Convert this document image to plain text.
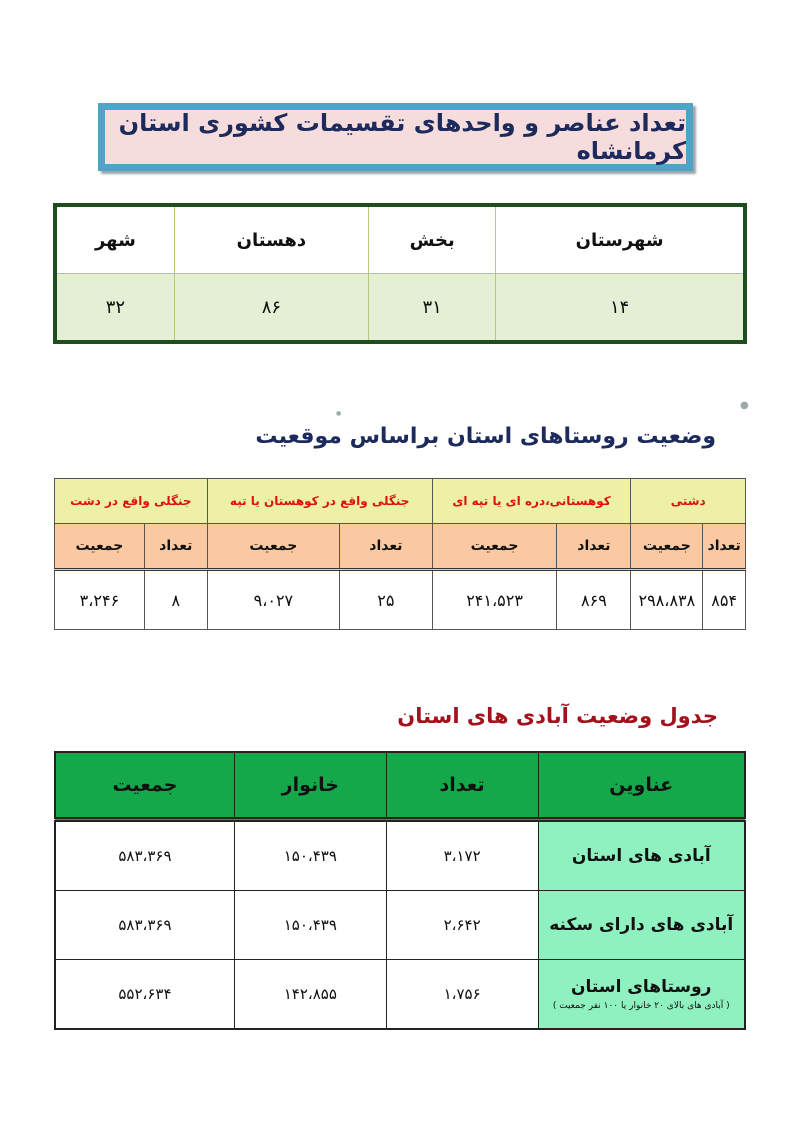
تعداد عناصر و واحدهای تقسیمات کشوری استان کرمانشاه
شهرستان	بخش	دهستان	شهر
۱۴	۳۱	۸۶	۳۲
●
●
وضعیت روستاهای استان براساس موقعیت
دشتی		کوهستانی،دره ای یا تپه ای		جنگلی واقع در کوهستان یا تپه		جنگلی واقع در دشت	
تعداد	جمعیت	تعداد	جمعیت	تعداد	جمعیت	تعداد	جمعیت
۸۵۴	۲۹۸،۸۳۸	۸۶۹	۲۴۱،۵۲۳	۲۵	۹،۰۲۷	۸	۳،۲۴۶
جدول وضعیت آبادی های استان
عناوین	تعداد	خانوار	جمعیت
آبادی های استان	۳،۱۷۲	۱۵۰،۴۳۹	۵۸۳،۳۶۹
آبادی های دارای سکنه	۲،۶۴۲	۱۵۰،۴۳۹	۵۸۳،۳۶۹
روستاهای استان
( آبادی های بالای ۲۰ خانوار یا ۱۰۰ نفر جمعیت )	۱،۷۵۶	۱۴۲،۸۵۵	۵۵۲،۶۳۴
